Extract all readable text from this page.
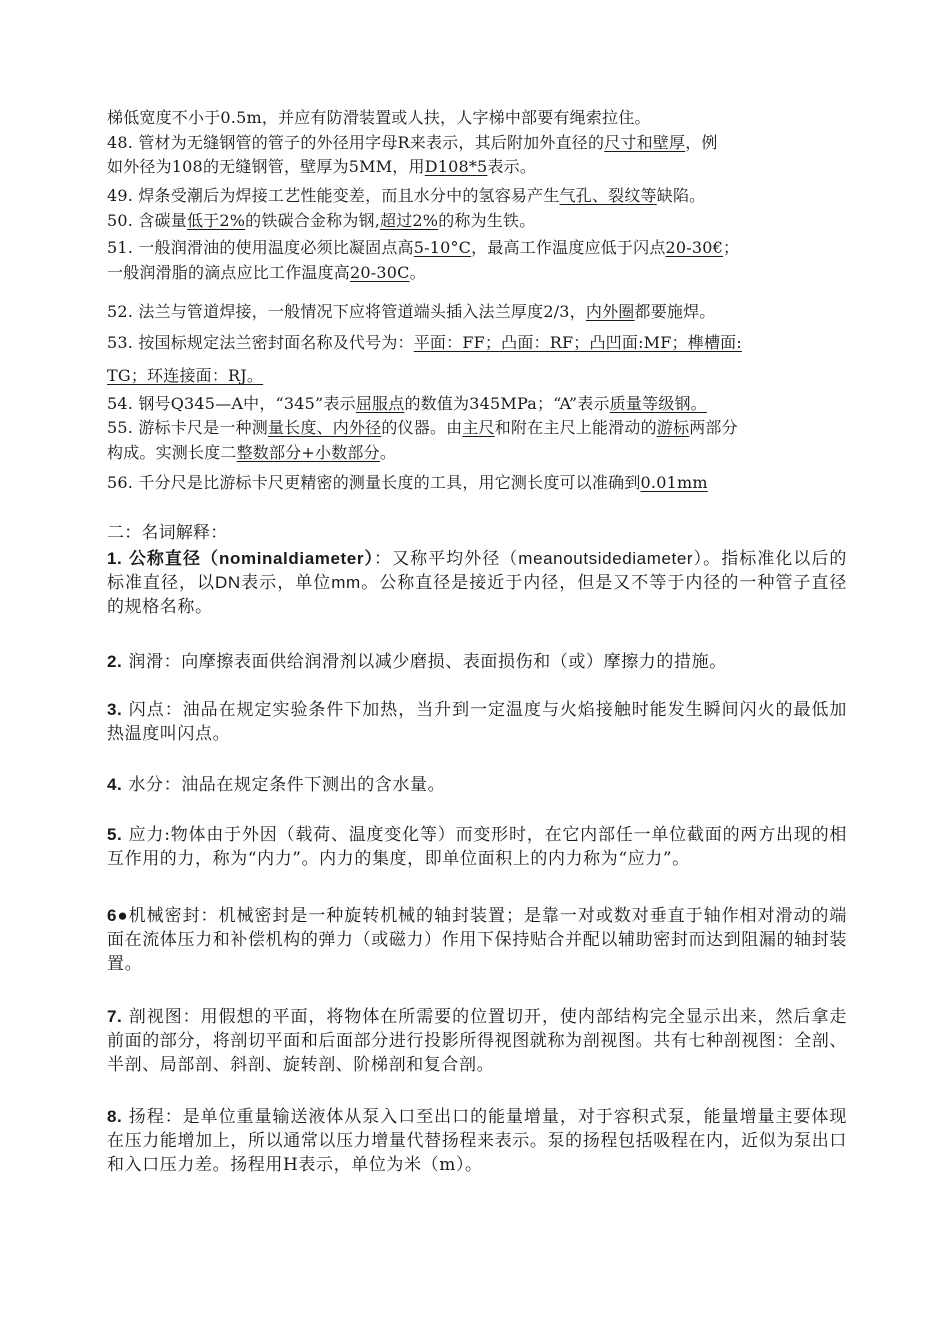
梯低宽度不小于0.5m，并应有防滑装置或人扶，人字梯中部要有绳索拉住。
48. 管材为无缝钢管的管子的外径用字母R来表示，其后附加外直径的尺寸和壁厚，例
如外径为108的无缝钢管，壁厚为5MM，用D108*5表示。
49. 焊条受潮后为焊接工艺性能变差，而且水分中的氢容易产生气孔、裂纹等缺陷。
50. 含碳量低于2%的铁碳合金称为钢,超过2%的称为生铁。
51. 一般润滑油的使用温度必须比凝固点高5-10°C，最高工作温度应低于闪点20-30€；
一般润滑脂的滴点应比工作温度高20-30C。
52. 法兰与管道焊接，一般情况下应将管道端头插入法兰厚度2/3，内外圈都要施焊。
53. 按国标规定法兰密封面名称及代号为：平面：FF；凸面：RF；凸凹面:MF；榫槽面:
TG；环连接面：RJ。
54. 钢号Q345—A中，“345”表示屈服点的数值为345MPa；“A”表示质量等级钢。
55. 游标卡尺是一种测量长度、内外径的仪器。由主尺和附在主尺上能滑动的游标两部分
构成。实测长度二整数部分+小数部分。
56. 千分尺是比游标卡尺更精密的测量长度的工具，用它测长度可以准确到0.01mm
二：名词解释：
1. 公称直径（nominaldiameter）：又称平均外径（meanoutsidediameter）。指标准化以后的标准直径，以DN表示，单位mm。公称直径是接近于内径，但是又不等于内径的一种管子直径的规格名称。
2. 润滑：向摩擦表面供给润滑剂以减少磨损、表面损伤和（或）摩擦力的措施。
3. 闪点：油品在规定实验条件下加热，当升到一定温度与火焰接触时能发生瞬间闪火的最低加热温度叫闪点。
4. 水分：油品在规定条件下测出的含水量。
5. 应力:物体由于外因（载荷、温度变化等）而变形时，在它内部任一单位截面的两方出现的相互作用的力，称为“内力”。内力的集度，即单位面积上的内力称为“应力”。
6●机械密封：机械密封是一种旋转机械的轴封装置；是靠一对或数对垂直于轴作相对滑动的端面在流体压力和补偿机构的弹力（或磁力）作用下保持贴合并配以辅助密封而达到阻漏的轴封装置。
7. 剖视图：用假想的平面，将物体在所需要的位置切开，使内部结构完全显示出来，然后拿走前面的部分，将剖切平面和后面部分进行投影所得视图就称为剖视图。共有七种剖视图：全剖、半剖、局部剖、斜剖、旋转剖、阶梯剖和复合剖。
8. 扬程：是单位重量输送液体从泵入口至出口的能量增量，对于容积式泵，能量增量主要体现在压力能增加上，所以通常以压力增量代替扬程来表示。泵的扬程包括吸程在内，近似为泵出口和入口压力差。扬程用H表示，单位为米（m）。
